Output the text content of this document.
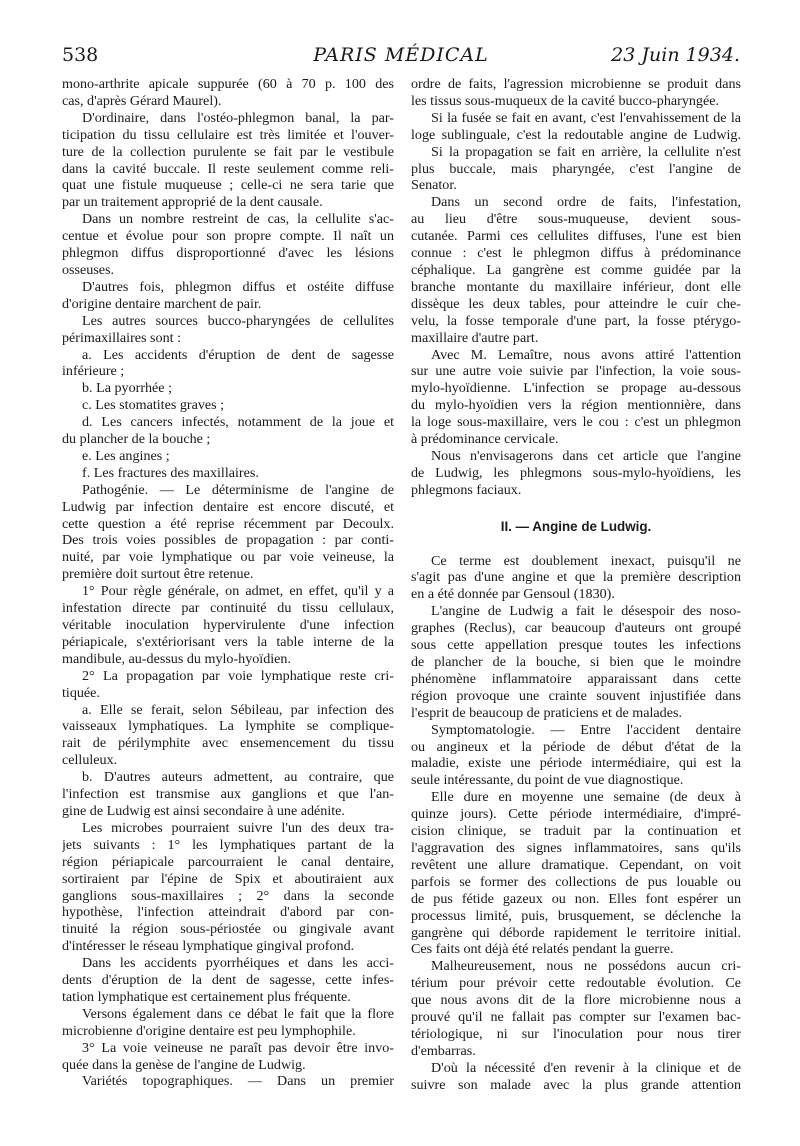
538	PARIS MÉDICAL	23 Juin 1934.
mono-arthrite apicale suppurée (60 à 70 p. 100 des
cas, d'après Gérard Maurel).
D'ordinaire, dans l'ostéo-phlegmon banal, la par-
ticipation du tissu cellulaire est très limitée et l'ouver-
ture de la collection purulente se fait par le vestibule
dans la cavité buccale. Il reste seulement comme reli-
quat une fistule muqueuse ; celle-ci ne sera tarie que
par un traitement approprié de la dent causale.
Dans un nombre restreint de cas, la cellulite s'ac-
centue et évolue pour son propre compte. Il naît un
phlegmon diffus disproportionné d'avec les lésions
osseuses.
D'autres fois, phlegmon diffus et ostéite diffuse
d'origine dentaire marchent de pair.
Les autres sources bucco-pharyngées de cellulites
périmaxillaires sont :
a. Les accidents d'éruption de dent de sagesse
inférieure ;
b. La pyorrhée ;
c. Les stomatites graves ;
d. Les cancers infectés, notamment de la joue et
du plancher de la bouche ;
e. Les angines ;
f. Les fractures des maxillaires.
Pathogénie. — Le déterminisme de l'angine de
Ludwig par infection dentaire est encore discuté, et
cette question a été reprise récemment par Decoulx.
Des trois voies possibles de propagation : par conti-
nuité, par voie lymphatique ou par voie veineuse, la
première doit surtout être retenue.
1° Pour règle générale, on admet, en effet, qu'il y a
infestation directe par continuité du tissu cellulaux,
véritable inoculation hypervirulente d'une infection
périapicale, s'extériorisant vers la table interne de la
mandibule, au-dessus du mylo-hyoïdien.
2° La propagation par voie lymphatique reste cri-
tiquée.
a. Elle se ferait, selon Sébileau, par infection des
vaisseaux lymphatiques. La lymphite se complique-
rait de périlymphite avec ensemencement du tissu
celluleux.
b. D'autres auteurs admettent, au contraire, que
l'infection est transmise aux ganglions et que l'an-
gine de Ludwig est ainsi secondaire à une adénite.
Les microbes pourraient suivre l'un des deux tra-
jets suivants : 1° les lymphatiques partant de la
région périapicale parcourraient le canal dentaire,
sortiraient par l'épine de Spix et aboutiraient aux
ganglions sous-maxillaires ; 2° dans la seconde
hypothèse, l'infection atteindrait d'abord par con-
tinuité la région sous-périostée ou gingivale avant
d'intéresser le réseau lymphatique gingival profond.
Dans les accidents pyorrhéiques et dans les acci-
dents d'éruption de la dent de sagesse, cette infes-
tation lymphatique est certainement plus fréquente.
Versons également dans ce débat le fait que la flore
microbienne d'origine dentaire est peu lymphophile.
3° La voie veineuse ne paraît pas devoir être invo-
quée dans la genèse de l'angine de Ludwig.
Variétés topographiques. — Dans un premier
ordre de faits, l'agression microbienne se produit dans
les tissus sous-muqueux de la cavité bucco-pharyngée.
Si la fusée se fait en avant, c'est l'envahissement de la
loge sublinguale, c'est la redoutable angine de Ludwig.
Si la propagation se fait en arrière, la cellulite n'est
plus buccale, mais pharyngée, c'est l'angine de
Senator.
Dans un second ordre de faits, l'infestation,
au lieu d'être sous-muqueuse, devient sous-
cutanée. Parmi ces cellulites diffuses, l'une est bien
connue : c'est le phlegmon diffus à prédominance
céphalique. La gangrène est comme guidée par la
branche montante du maxillaire inférieur, dont elle
dissèque les deux tables, pour atteindre le cuir che-
velu, la fosse temporale d'une part, la fosse ptérygo-
maxillaire d'autre part.
Avec M. Lemaître, nous avons attiré l'attention
sur une autre voie suivie par l'infection, la voie sous-
mylo-hyoïdienne. L'infection se propage au-dessous
du mylo-hyoïdien vers la région mentionnière, dans
la loge sous-maxillaire, vers le cou : c'est un phlegmon
à prédominance cervicale.
Nous n'envisagerons dans cet article que l'angine
de Ludwig, les phlegmons sous-mylo-hyoïdiens, les
phlegmons faciaux.
II. — Angine de Ludwig.
Ce terme est doublement inexact, puisqu'il ne
s'agit pas d'une angine et que la première description
en a été donnée par Gensoul (1830).
L'angine de Ludwig a fait le désespoir des noso-
graphes (Reclus), car beaucoup d'auteurs ont groupé
sous cette appellation presque toutes les infections
de plancher de la bouche, si bien que le moindre
phénomène inflammatoire apparaissant dans cette
région provoque une crainte souvent injustifiée dans
l'esprit de beaucoup de praticiens et de malades.
Symptomatologie. — Entre l'accident dentaire
ou angineux et la période de début d'état de la
maladie, existe une période intermédiaire, qui est la
seule intéressante, du point de vue diagnostique.
Elle dure en moyenne une semaine (de deux à
quinze jours). Cette période intermédiaire, d'impré-
cision clinique, se traduit par la continuation et
l'aggravation des signes inflammatoires, sans qu'ils
revêtent une allure dramatique. Cependant, on voit
parfois se former des collections de pus louable ou
de pus fétide gazeux ou non. Elles font espérer un
processus limité, puis, brusquement, se déclenche la
gangrène qui déborde rapidement le territoire initial.
Ces faits ont déjà été relatés pendant la guerre.
Malheureusement, nous ne possédons aucun cri-
térium pour prévoir cette redoutable évolution. Ce
que nous avons dit de la flore microbienne nous a
prouvé qu'il ne fallait pas compter sur l'examen bac-
tériologique, ni sur l'inoculation pour nous tirer
d'embarras.
D'où la nécessité d'en revenir à la clinique et de
suivre son malade avec la plus grande attention
